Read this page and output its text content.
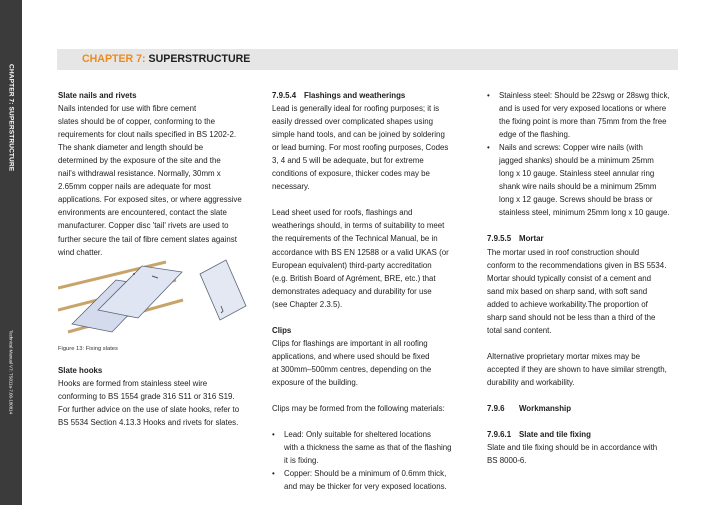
CHAPTER 7: SUPERSTRUCTURE
Technical Manual V7: TS011a-7.00-180814
CHAPTER 7: SUPERSTRUCTURE

Slate nails and rivets

Nails intended for use with fibre cement

slates should be of copper, conforming to the

requirements for clout nails specified in BS 1202-2.

The shank diameter and length should be

determined by the exposure of the site and the

nail's withdrawal resistance. Normally, 30mm x

2.65mm copper nails are adequate for most

applications. For exposed sites, or where aggressive

environments are encountered, contact the slate

manufacturer. Copper disc 'tail' rivets are used to

further secure the tail of fibre cement slates against

wind chatter.

Figure 13: Fixing slates

Slate hooks

Hooks are formed from stainless steel wire

conforming to BS 1554 grade 316 S11 or 316 S19.

For further advice on the use of slate hooks, refer to

BS 5534 Section 4.13.3 Hooks and rivets for slates.

7.9.5.4 Flashings and weatherings

Lead is generally ideal for roofing purposes; it is

easily dressed over complicated shapes using

simple hand tools, and can be joined by soldering

or lead burning. For most roofing purposes, Codes

3, 4 and 5 will be adequate, but for extreme

conditions of exposure, thicker codes may be

necessary.

Lead sheet used for roofs, flashings and

weatherings should, in terms of suitability to meet

the requirements of the Technical Manual, be in

accordance with BS EN 12588 or a valid UKAS (or

European equivalent) third-party accreditation

(e.g. British Board of Agrément, BRE, etc.) that

demonstrates adequacy and durability for use

(see Chapter 2.3.5).

Clips

Clips for flashings are important in all roofing

applications, and where used should be fixed

at 300mm–500mm centres, depending on the

exposure of the building.

Clips may be formed from the following materials:

• Lead: Only suitable for sheltered locations

with a thickness the same as that of the flashing

it is fixing.

• Copper: Should be a minimum of 0.6mm thick,

and may be thicker for very exposed locations.

• Stainless steel: Should be 22swg or 28swg thick,

and is used for very exposed locations or where

the fixing point is more than 75mm from the free

edge of the flashing.

• Nails and screws: Copper wire nails (with

jagged shanks) should be a minimum 25mm

long x 10 gauge. Stainless steel annular ring

shank wire nails should be a minimum 25mm

long x 12 gauge. Screws should be brass or

stainless steel, minimum 25mm long x 10 gauge.

7.9.5.5 Mortar

The mortar used in roof construction should

conform to the recommendations given in BS 5534.

Mortar should typically consist of a cement and

sand mix based on sharp sand, with soft sand

added to achieve workability.The proportion of

sharp sand should not be less than a third of the

total sand content.

Alternative proprietary mortar mixes may be

accepted if they are shown to have similar strength,

durability and workability.

7.9.6 Workmanship

7.9.6.1 Slate and tile fixing

Slate and tile fixing should be in accordance with

BS 8000-6.
